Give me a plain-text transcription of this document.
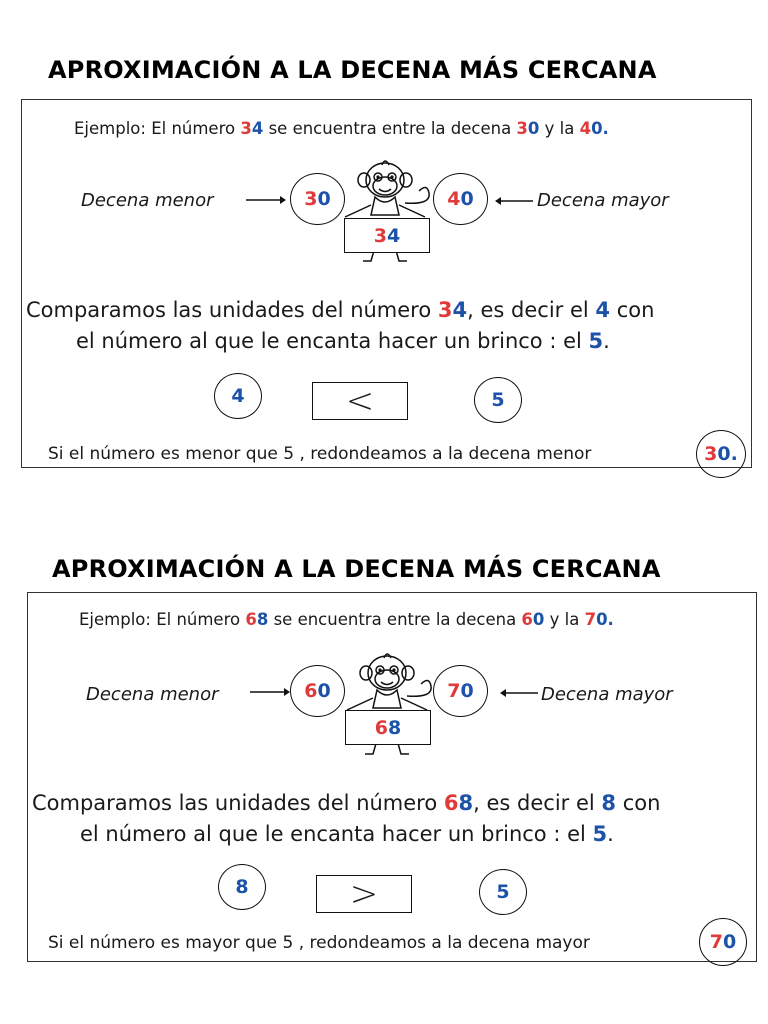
APROXIMACIÓN A LA DECENA MÁS CERCANA
Ejemplo: El número 34 se encuentra entre la decena 30 y la 40.
Decena menor	3 0
3 4
4 0	Decena mayor
Comparamos las unidades del número 34, es decir el 4 con
el número al que le encanta hacer un brinco : el 5.
4	<	5
Si el número es menor que 5 , redondeamos a la decena menor	3 0 .
APROXIMACIÓN A LA DECENA MÁS CERCANA
Ejemplo: El número 68 se encuentra entre la decena 60 y la 70.
Decena menor	6 0
6 8
7 0	Decena mayor
Comparamos las unidades del número 68, es decir el 8 con
el número al que le encanta hacer un brinco : el 5.
8	>	5
Si el número es mayor que 5 , redondeamos a la decena mayor	7 0
